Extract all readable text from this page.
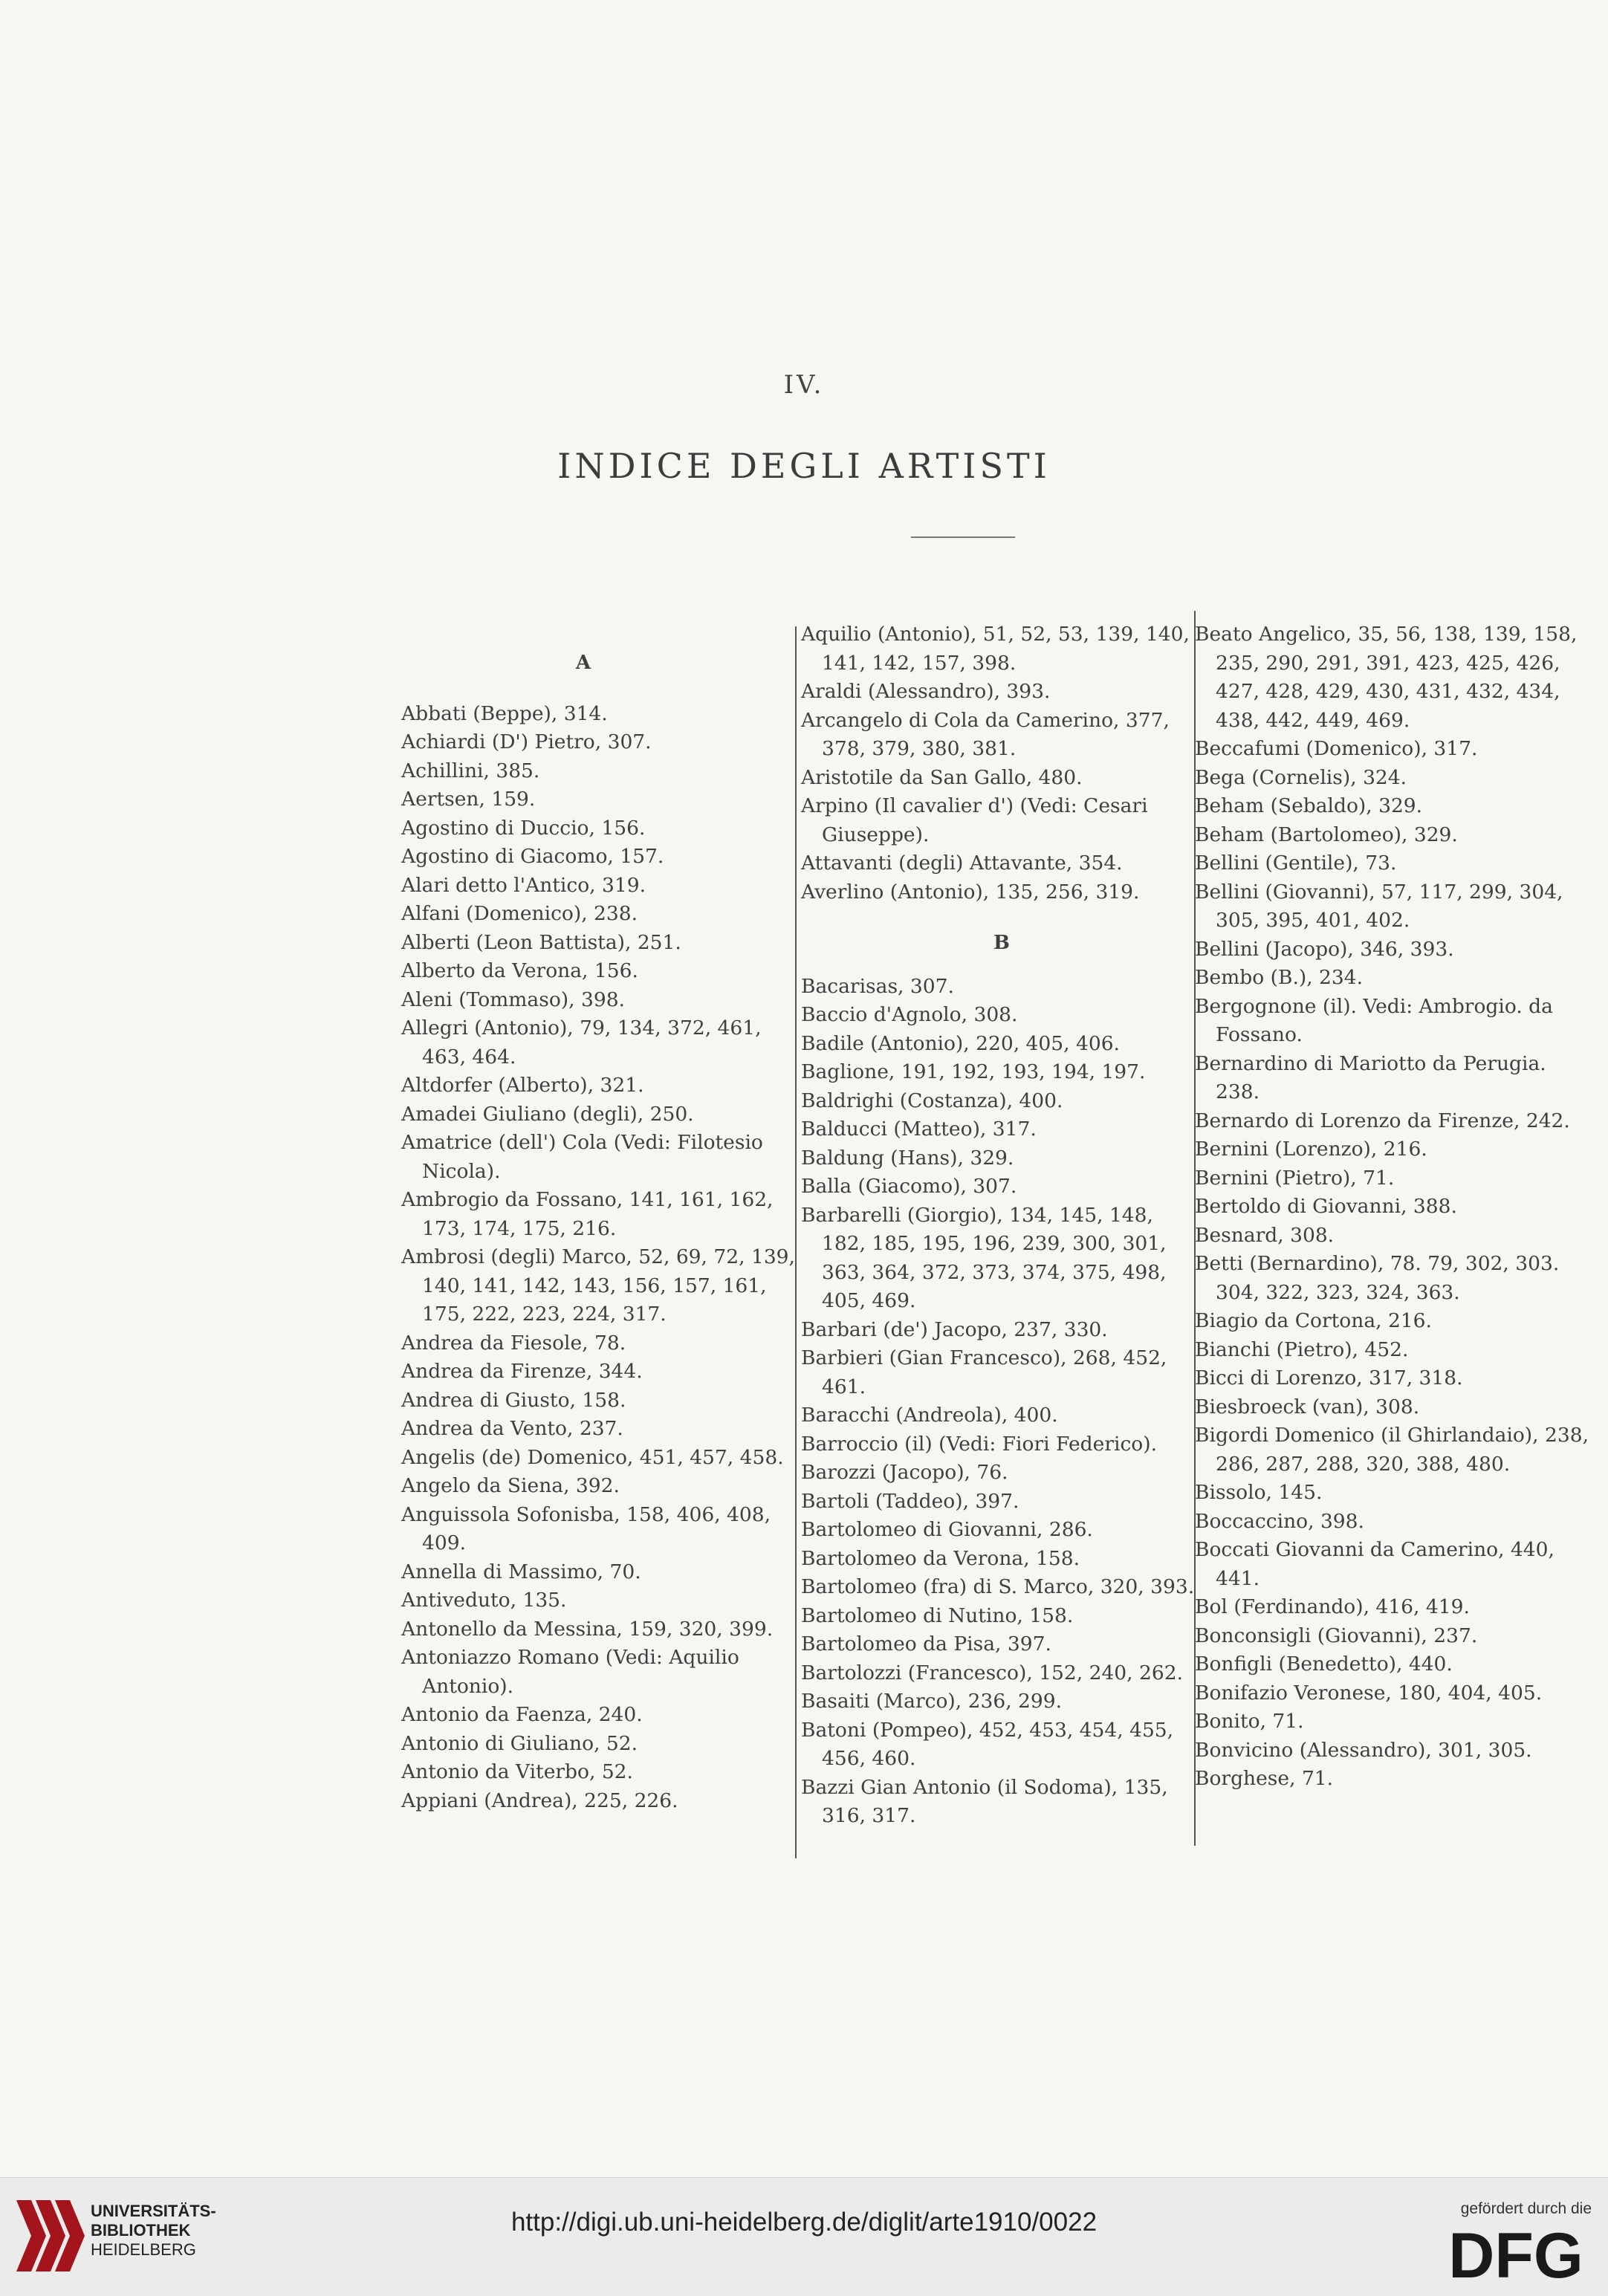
IV.
INDICE DEGLI ARTISTI
A
Abbati (Beppe), 314.
Achiardi (D') Pietro, 307.
Achillini, 385.
Aertsen, 159.
Agostino di Duccio, 156.
Agostino di Giacomo, 157.
Alari detto l'Antico, 319.
Alfani (Domenico), 238.
Alberti (Leon Battista), 251.
Alberto da Verona, 156.
Aleni (Tommaso), 398.
Allegri (Antonio), 79, 134, 372, 461, 463, 464.
Altdorfer (Alberto), 321.
Amadei Giuliano (degli), 250.
Amatrice (dell') Cola (Vedi: Filotesio Nicola).
Ambrogio da Fossano, 141, 161, 162, 173, 174, 175, 216.
Ambrosi (degli) Marco, 52, 69, 72, 139, 140, 141, 142, 143, 156, 157, 161, 175, 222, 223, 224, 317.
Andrea da Fiesole, 78.
Andrea da Firenze, 344.
Andrea di Giusto, 158.
Andrea da Vento, 237.
Angelis (de) Domenico, 451, 457, 458.
Angelo da Siena, 392.
Anguissola Sofonisba, 158, 406, 408, 409.
Annella di Massimo, 70.
Antiveduto, 135.
Antonello da Messina, 159, 320, 399.
Antoniazzo Romano (Vedi: Aquilio Antonio).
Antonio da Faenza, 240.
Antonio di Giuliano, 52.
Antonio da Viterbo, 52.
Appiani (Andrea), 225, 226.
Aquilio (Antonio), 51, 52, 53, 139, 140, 141, 142, 157, 398.
Araldi (Alessandro), 393.
Arcangelo di Cola da Camerino, 377, 378, 379, 380, 381.
Aristotile da San Gallo, 480.
Arpino (Il cavalier d') (Vedi: Cesari Giuseppe).
Attavanti (degli) Attavante, 354.
Averlino (Antonio), 135, 256, 319.
B
Bacarisas, 307.
Baccio d'Agnolo, 308.
Badile (Antonio), 220, 405, 406.
Baglione, 191, 192, 193, 194, 197.
Baldrighi (Costanza), 400.
Balducci (Matteo), 317.
Baldung (Hans), 329.
Balla (Giacomo), 307.
Barbarelli (Giorgio), 134, 145, 148, 182, 185, 195, 196, 239, 300, 301, 363, 364, 372, 373, 374, 375, 498, 405, 469.
Barbari (de') Jacopo, 237, 330.
Barbieri (Gian Francesco), 268, 452, 461.
Baracchi (Andreola), 400.
Barroccio (il) (Vedi: Fiori Federico).
Barozzi (Jacopo), 76.
Bartoli (Taddeo), 397.
Bartolomeo di Giovanni, 286.
Bartolomeo da Verona, 158.
Bartolomeo (fra) di S. Marco, 320, 393.
Bartolomeo di Nutino, 158.
Bartolomeo da Pisa, 397.
Bartolozzi (Francesco), 152, 240, 262.
Basaiti (Marco), 236, 299.
Batoni (Pompeo), 452, 453, 454, 455, 456, 460.
Bazzi Gian Antonio (il Sodoma), 135, 316, 317.
Beato Angelico, 35, 56, 138, 139, 158, 235, 290, 291, 391, 423, 425, 426, 427, 428, 429, 430, 431, 432, 434, 438, 442, 449, 469.
Beccafumi (Domenico), 317.
Bega (Cornelis), 324.
Beham (Sebaldo), 329.
Beham (Bartolomeo), 329.
Bellini (Gentile), 73.
Bellini (Giovanni), 57, 117, 299, 304, 305, 395, 401, 402.
Bellini (Jacopo), 346, 393.
Bembo (B.), 234.
Bergognone (il). Vedi: Ambrogio. da Fossano.
Bernardino di Mariotto da Perugia. 238.
Bernardo di Lorenzo da Firenze, 242.
Bernini (Lorenzo), 216.
Bernini (Pietro), 71.
Bertoldo di Giovanni, 388.
Besnard, 308.
Betti (Bernardino), 78. 79, 302, 303. 304, 322, 323, 324, 363.
Biagio da Cortona, 216.
Bianchi (Pietro), 452.
Bicci di Lorenzo, 317, 318.
Biesbroeck (van), 308.
Bigordi Domenico (il Ghirlandaio), 238, 286, 287, 288, 320, 388, 480.
Bissolo, 145.
Boccaccino, 398.
Boccati Giovanni da Camerino, 440, 441.
Bol (Ferdinando), 416, 419.
Bonconsigli (Giovanni), 237.
Bonfigli (Benedetto), 440.
Bonifazio Veronese, 180, 404, 405.
Bonito, 71.
Bonvicino (Alessandro), 301, 305.
Borghese, 71.
UNIVERSITÄTS-
BIBLIOTHEK
HEIDELBERG
http://digi.ub.uni-heidelberg.de/diglit/arte1910/0022	gefördert durch die
DFG
